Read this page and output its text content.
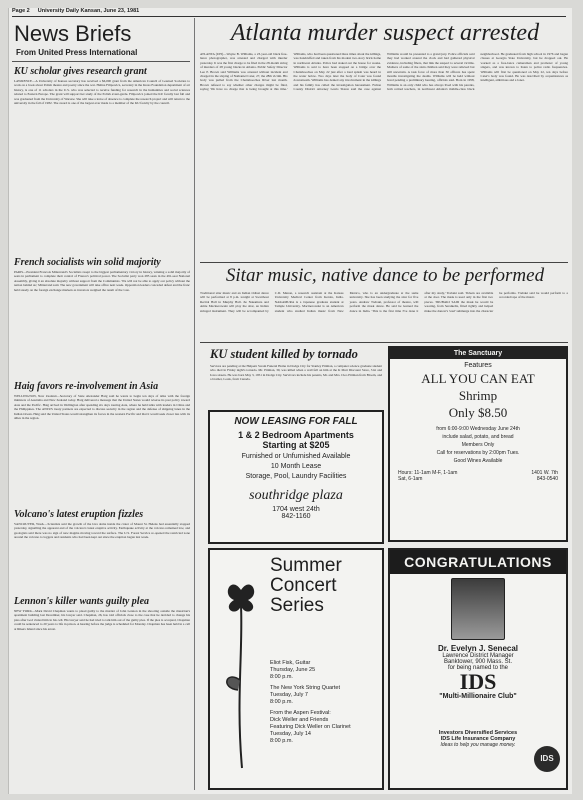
Page 2 University Daily Kansan, June 23, 1981
News Briefs
From United Press International
KU scholar gives research grant
LAWRENCE—A University of Kansas secretary has received a $6,000 grant from the American Council of Learned Societies to work on a book about Polish theatre and poetry since the war. Halina Filipowicz, secretary in the Kress Foundation department of art history, is one of 11 scholars in the U.S. who was selected to receive funding for research in the humanities and social sciences related to Eastern Europe. The grant will support her study of the Polish avant-garde. Filipowicz joined the KU faculty last fall and was graduated from the University of Warsaw. She will take a leave of absence to complete the research project and will return to the university in the fall of 1982. The award is one of the largest ever made to a member of the KU faculty by the council.
French socialists win solid majority
PARIS—President Francois Mitterrand's Socialists swept to the biggest parliamentary victory in history, winning a solid majority of seats in parliament to complete their control of France's political power. The Socialist party won 285 seats in the 491-seat National Assembly, giving it an absolute majority without support from the Communists. 'We will not be able to apply our policy without the nation behind us,' Mitterrand said. The new government will take office next week. Opposition leaders conceded defeat and the franc held steady on the foreign exchange markets as investors weighed the result of the vote.
Haig favors re-involvement in Asia
WELLINGTON, New Zealand—Secretary of State Alexander Haig said he wants to begin ten days of talks with the foreign ministers of Australia and New Zealand today. Haig delivered a message that the United States would reverse its past policy toward Asia and the Pacific. Haig arrived in Wellington after spending six days touring Asia, where he held talks with leaders in China and the Philippines. The ANZUS treaty partners are expected to discuss security in the region and the defense of shipping lanes in the Indian Ocean. Haig said the United States would strengthen its forces in the western Pacific and that it would seek closer ties with its allies in the region.
Volcano's latest eruption fizzles
VANCOUVER, Wash.—Scientists said the growth of the lava dome inside the crater of Mount St. Helens had essentially stopped yesterday, signalling the apparent end of the volcano's latest eruptive activity. Earthquake activity at the volcano remained low, and geologists said there was no sign of new magma moving toward the surface. The U.S. Forest Service re-opened the restricted zone around the volcano to loggers and residents who had been kept out since the eruption began last week.
Lennon's killer wants guilty plea
NEW YORK—Mark David Chapman wants to plead guilty to the murder of John Lennon in the shooting outside the musician's apartment building last December, his lawyer said. Chapman, 26, has told officials close to the case that he decided to change his plea after God visited him in his cell. His lawyer said he had tried to talk him out of the guilty plea. If the plea is accepted, Chapman could be sentenced to 20 years to life in prison. A hearing before the judge is scheduled for Monday. Chapman has been held in a cell at Rikers Island since his arrest.
Atlanta murder suspect arrested
ATLANTA (UPI)—Wayne B. Williams, a 23-year-old black free-lance photographer, was arrested and charged with murder yesterday. It was the first charge to be filed in the 28-month string of murders of 28 young blacks in Atlanta. Public Safety Director Lee P. Brown said Williams was arrested without incident and charged in the slaying of Nathaniel Cater, 27, the 28th victim. His body was pulled from the Chattahoochee River last month. Brown refused to say whether other charges might be filed, saying 'We have no charge that is being brought at this time.' Williams, who had been questioned three times about the killings, was handcuffed and taken from his modest two-story brick home in northwest Atlanta. Police had staked out the house for weeks. Williams is said to have been stopped on a bridge over the Chattahoochee on May 22 just after a loud splash was heard in the water below. Two days later the body of Cater was found downstream. Williams has denied any involvement in the killings and his family has called the investigation harassment. Fulton County District Attorney Lewis Slaton said the case against Williams would be presented to a grand jury. Police officials said they had worked around the clock and had gathered physical evidence, including fibers, that link the suspect to several victims. Mothers of some of the slain children said they were relieved but still uncertain. A task force of more than 30 officers has spent months investigating the deaths. Williams will be held without bond pending a preliminary hearing, officials said. Born in 1958, Williams is an only child who has always lived with his parents, both retired teachers, in northwest Atlanta's middle-class black neighborhood. He graduated from high school in 1976 and began classes at Georgia State University, but he dropped out. He worked as a free-lance cameraman and promoter of young singers, and was known to listen to police radio frequencies. Williams will first be questioned on May 22, ten days before Cater's body was found. He was described by acquaintances as intelligent, ambitious and a loner.
Sitar music, native dance to be performed
Traditional sitar music and an Indian Odissi dance will be performed at 8 p.m. tonight at Swarthout Recital Hall in Murphy Hall. Jie Nakamura and Amie Macinerowski will play the sitar, an Indian stringed instrument. They will be accompanied by C.D. Menon, a research assistant at the Kansas University Medical Center from Kerala, India. NAKAMURA is a Japanese graduate student at Temple University. Macinerowski is an American student who studied Indian music from New Mexico, who is an undergraduate at the same university. She has been studying the sitar for five years. Andrew Trebaki, professor of theatre, will perform the mask dance. He said he learned the dance in India. 'This is the first time I've done it after my study,' Trebaki said. Tickets are available at the door. The mask is used only in the first two pieces. TRUBAKI SAID the mask he would be wearing, from Seraikella, fitted tightly and helped make the dancer's 'soul' submerge into the character he performs. Trebaki said he would perform to a recorded tape of the music.
KU student killed by tornado
Services are pending at the Halpern Swain Funeral Home in Dodge City for Stanley Pittman, a computer science graduate student who died in Friday night's tornado. Mr. Pittman, 30, was killed when a wall fell on him at the K Mart Discount Store, 31st and Iowa streets. He was born May 3, 1951 in Dodge City. Survivors include his parents, Mr. and Mrs. Cleo Pittman from Bloom, and a brother, Louis, from Canada.
NOW LEASING FOR FALL
1 & 2 Bedroom Apartments
Starting at $205
Furnished or Unfurnished Available
10 Month Lease
Storage, Pool, Laundry Facilities
southridge plaza
1704 west 24th
842-1160
The Sanctuary
Features
ALL YOU CAN EAT
Shrimp
Only $8.50
from 6:00-9:00 Wednesday June 24th
include salad, potato, and bread
Members Only
Call for reservations by 2:00pm Tues.
Good Wines Available
Hours: 11-1am M-F, 1-1am Sat, 6-1am
1401 W. 7th
843-0540
Summer Concert Series
Eliot Fisk, Guitar
Thursday, June 25
8:00 p.m.
The New York String Quartet
Tuesday, July 7
8:00 p.m.
From the Aspen Festival:
Dick Weller and Friends
Featuring Dick Weller on Clarinet
Tuesday, July 14
8:00 p.m.
CONGRATULATIONS
Dr. Evelyn J. Senecal
Lawrence District Manager
Banktower, 900 Mass. St.
for being named to the
IDS
"Multi-Millionaire Club"
IDS
Investors Diversified Services
IDS Life Insurance Company
Ideas to help you manage money.
